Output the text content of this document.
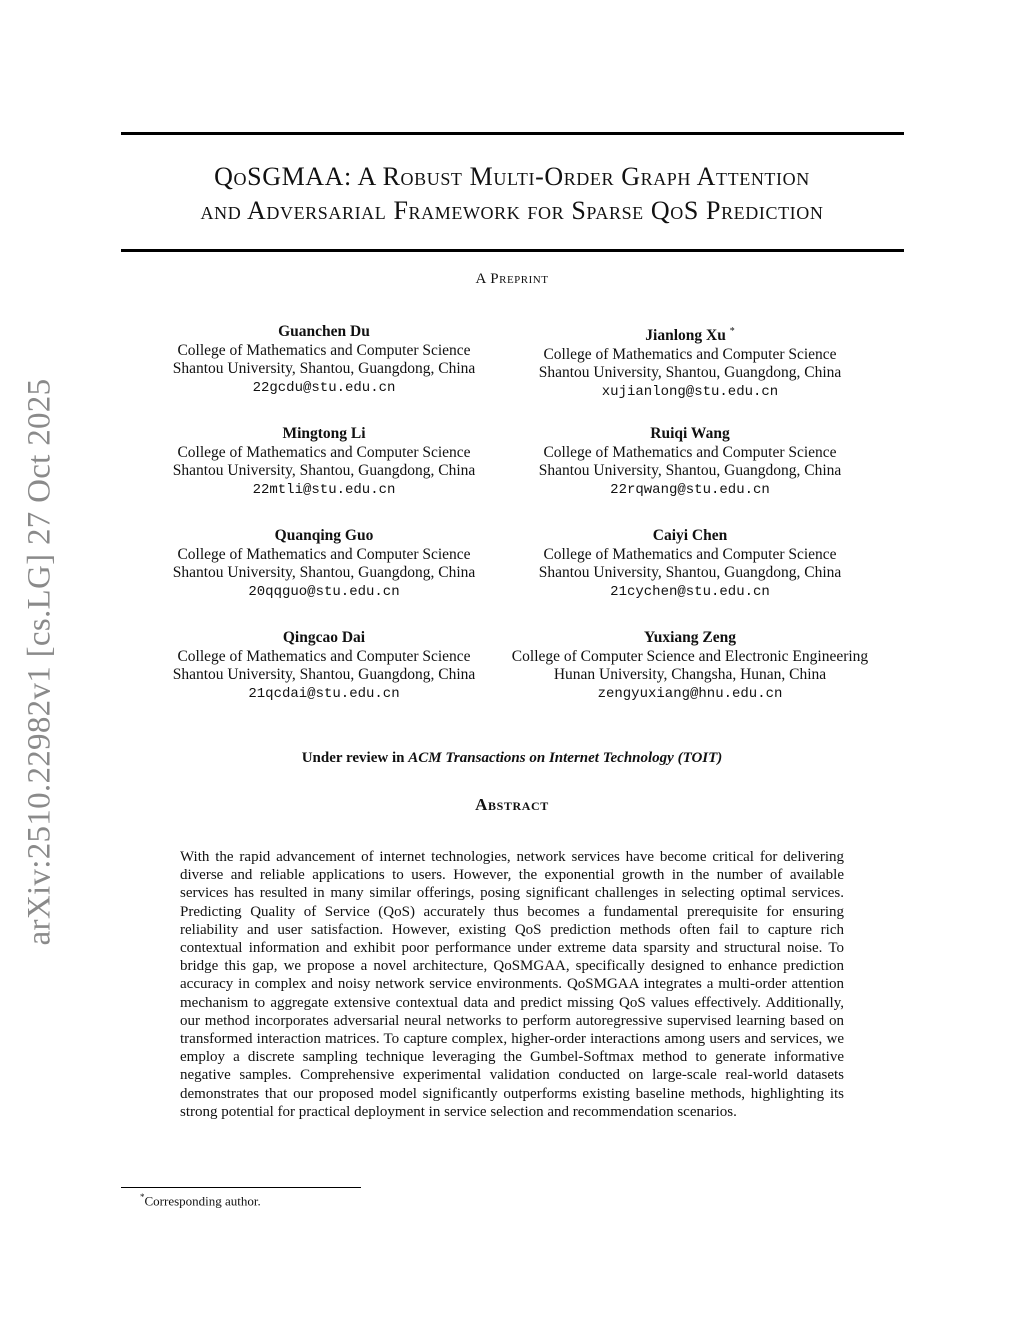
arXiv:2510.22982v1 [cs.LG] 27 Oct 2025
QoSGMAA: A Robust Multi-Order Graph Attention
and Adversarial Framework for Sparse QoS Prediction
A Preprint
Guanchen Du
College of Mathematics and Computer Science
Shantou University, Shantou, Guangdong, China
22gcdu@stu.edu.cn
Jianlong Xu *
College of Mathematics and Computer Science
Shantou University, Shantou, Guangdong, China
xujianlong@stu.edu.cn
Mingtong Li
College of Mathematics and Computer Science
Shantou University, Shantou, Guangdong, China
22mtli@stu.edu.cn
Ruiqi Wang
College of Mathematics and Computer Science
Shantou University, Shantou, Guangdong, China
22rqwang@stu.edu.cn
Quanqing Guo
College of Mathematics and Computer Science
Shantou University, Shantou, Guangdong, China
20qqguo@stu.edu.cn
Caiyi Chen
College of Mathematics and Computer Science
Shantou University, Shantou, Guangdong, China
21cychen@stu.edu.cn
Qingcao Dai
College of Mathematics and Computer Science
Shantou University, Shantou, Guangdong, China
21qcdai@stu.edu.cn
Yuxiang Zeng
College of Computer Science and Electronic Engineering
Hunan University, Changsha, Hunan, China
zengyuxiang@hnu.edu.cn
Under review in ACM Transactions on Internet Technology (TOIT)
Abstract
With the rapid advancement of internet technologies, network services have become critical for delivering diverse and reliable applications to users. However, the exponential growth in the number of available services has resulted in many similar offerings, posing significant challenges in selecting optimal services. Predicting Quality of Service (QoS) accurately thus becomes a fundamental prerequisite for ensuring reliability and user satisfaction. However, existing QoS prediction methods often fail to capture rich contextual information and exhibit poor performance under extreme data sparsity and structural noise. To bridge this gap, we propose a novel architecture, QoSMGAA, specifically designed to enhance prediction accuracy in complex and noisy network service environments. QoSMGAA integrates a multi-order attention mechanism to aggregate extensive contextual data and predict missing QoS values effectively. Additionally, our method incorporates adversarial neural networks to perform autoregressive supervised learning based on transformed interaction matrices. To capture complex, higher-order interactions among users and services, we employ a discrete sampling technique leveraging the Gumbel-Softmax method to generate informative negative samples. Comprehensive experimental validation conducted on large-scale real-world datasets demonstrates that our proposed model significantly outperforms existing baseline methods, highlighting its strong potential for practical deployment in service selection and recommendation scenarios.
*Corresponding author.
